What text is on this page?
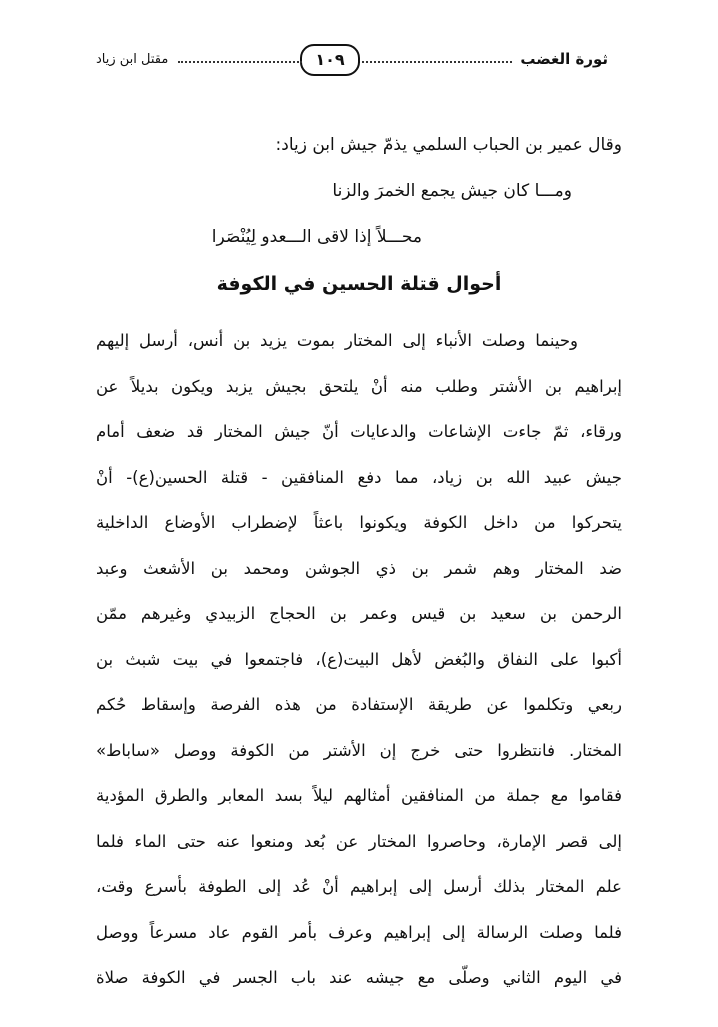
ثورة الغضب
١٠٩
مقتل ابن زياد
وقال عمير بن الحباب السلمي يذمّ جيش ابن زياد:
ومـــا كان جيش يجمع الخمرَ والزنا
محـــلاً إذا لاقى الـــعدو لِيُنْصَرا
أحوال قتلة الحسين في الكوفة
وحينما وصلت الأنباء إلى المختار بموت يزيد بن أنس، أرسل إليهم
إبراهيم بن الأشتر وطلب منه أنْ يلتحق بجيش يزبد ويكون بديلاً عن
ورقاء، ثمّ جاءت الإشاعات والدعايات أنّ جيش المختار قد ضعف أمام
جيش عبيد الله بن زياد، مما دفع المنافقين - قتلة الحسين(ع)- أنْ
يتحركوا من داخل الكوفة ويكونوا باعثاً لإضطراب الأوضاع الداخلية
ضد المختار وهم شمر بن ذي الجوشن ومحمد بن الأشعث وعبد
الرحمن بن سعيد بن قيس وعمر بن الحجاج الزبيدي وغيرهم ممّن
أكبوا على النفاق والبُغض لأهل البيت(ع)، فاجتمعوا في بيت شبث بن
ربعي وتكلموا عن طريقة الإستفادة من هذه الفرصة وإسقاط حُكم
المختار. فانتظروا حتى خرج إن الأشتر من الكوفة ووصل «ساباط»
فقاموا مع جملة من المنافقين أمثالهم ليلاً بسد المعابر والطرق المؤدية
إلى قصر الإمارة، وحاصروا المختار عن بُعد ومنعوا عنه حتى الماء فلما
علم المختار بذلك أرسل إلى إبراهيم أنْ عُد إلى الطوفة بأسرع وقت،
فلما وصلت الرسالة إلى إبراهيم وعرف بأمر القوم عاد مسرعاً ووصل
في اليوم الثاني وصلّى مع جيشه عند باب الجسر في الكوفة صلاة
